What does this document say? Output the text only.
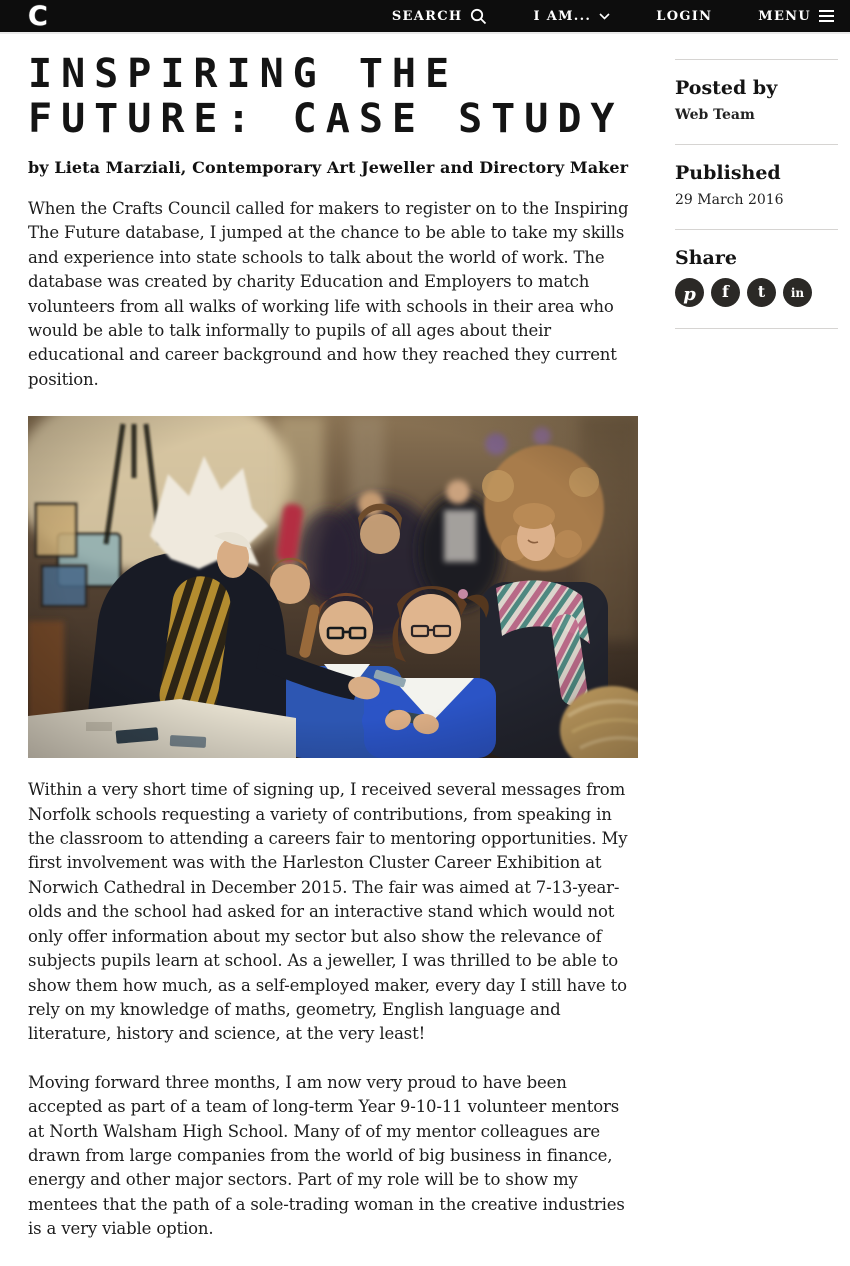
C	SEARCH	I AM...	LOGIN	MENU
INSPIRING THE
FUTURE: CASE STUDY

by Lieta Marziali, Contemporary Art Jeweller and Directory Maker

When the Crafts Council called for makers to register on to the Inspiring The Future database, I jumped at the chance to be able to take my skills and experience into state schools to talk about the world of work. The database was created by charity Education and Employers to match volunteers from all walks of working life with schools in their area who would be able to talk informally to pupils of all ages about their educational and career background and how they reached they current position.

Within a very short time of signing up, I received several messages from Norfolk schools requesting a variety of contributions, from speaking in the classroom to attending a careers fair to mentoring opportunities. My first involvement was with the Harleston Cluster Career Exhibition at Norwich Cathedral in December 2015. The fair was aimed at 7-13-year-olds and the school had asked for an interactive stand which would not only offer information about my sector but also show the relevance of subjects pupils learn at school. As a jeweller, I was thrilled to be able to show them how much, as a self-employed maker, every day I still have to rely on my knowledge of maths, geometry, English language and literature, history and science, at the very least!

Moving forward three months, I am now very proud to have been accepted as part of a team of long-term Year 9-10-11 volunteer mentors at North Walsham High School. Many of of my mentor colleagues are drawn from large companies from the world of big business in finance, energy and other major sectors. Part of my role will be to show my mentees that the path of a sole-trading woman in the creative industries is a very viable option.

Posted by
Web Team
Published
29 March 2016
Share
p f t in
